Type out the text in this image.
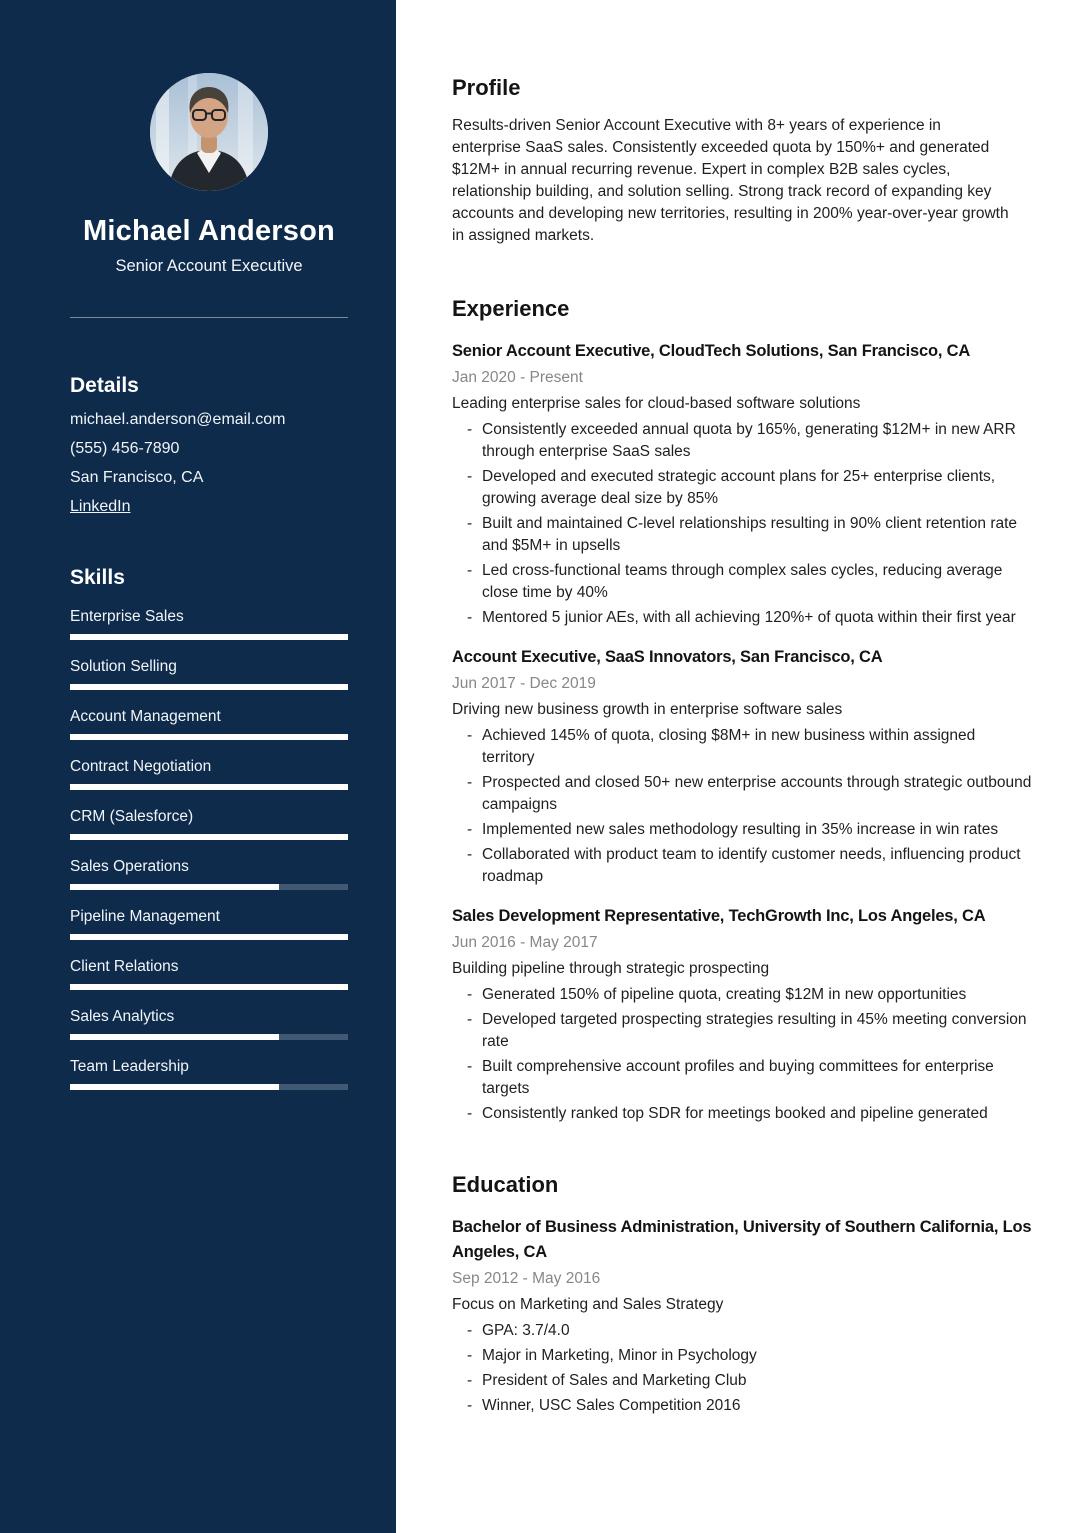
Michael Anderson
Senior Account Executive
Details
michael.anderson@email.com
(555) 456-7890
San Francisco, CA
LinkedIn
Skills
Enterprise Sales
Solution Selling
Account Management
Contract Negotiation
CRM (Salesforce)
Sales Operations
Pipeline Management
Client Relations
Sales Analytics
Team Leadership
Profile

Results-driven Senior Account Executive with 8+ years of experience in enterprise SaaS sales. Consistently exceeded quota by 150%+ and generated $12M+ in annual recurring revenue. Expert in complex B2B sales cycles, relationship building, and solution selling. Strong track record of expanding key accounts and developing new territories, resulting in 200% year-over-year growth in assigned markets.

Experience
Senior Account Executive, CloudTech Solutions, San Francisco, CA
Jan 2020 - Present
Leading enterprise sales for cloud-based software solutions
- Consistently exceeded annual quota by 165%, generating $12M+ in new ARR through enterprise SaaS sales
- Developed and executed strategic account plans for 25+ enterprise clients, growing average deal size by 85%
- Built and maintained C-level relationships resulting in 90% client retention rate and $5M+ in upsells
- Led cross-functional teams through complex sales cycles, reducing average close time by 40%
- Mentored 5 junior AEs, with all achieving 120%+ of quota within their first year
Account Executive, SaaS Innovators, San Francisco, CA
Jun 2017 - Dec 2019
Driving new business growth in enterprise software sales
- Achieved 145% of quota, closing $8M+ in new business within assigned territory
- Prospected and closed 50+ new enterprise accounts through strategic outbound campaigns
- Implemented new sales methodology resulting in 35% increase in win rates
- Collaborated with product team to identify customer needs, influencing product roadmap
Sales Development Representative, TechGrowth Inc, Los Angeles, CA
Jun 2016 - May 2017
Building pipeline through strategic prospecting
- Generated 150% of pipeline quota, creating $12M in new opportunities
- Developed targeted prospecting strategies resulting in 45% meeting conversion rate
- Built comprehensive account profiles and buying committees for enterprise targets
- Consistently ranked top SDR for meetings booked and pipeline generated
Education
Bachelor of Business Administration, University of Southern California, Los Angeles, CA
Sep 2012 - May 2016
Focus on Marketing and Sales Strategy
- GPA: 3.7/4.0
- Major in Marketing, Minor in Psychology
- President of Sales and Marketing Club
- Winner, USC Sales Competition 2016
